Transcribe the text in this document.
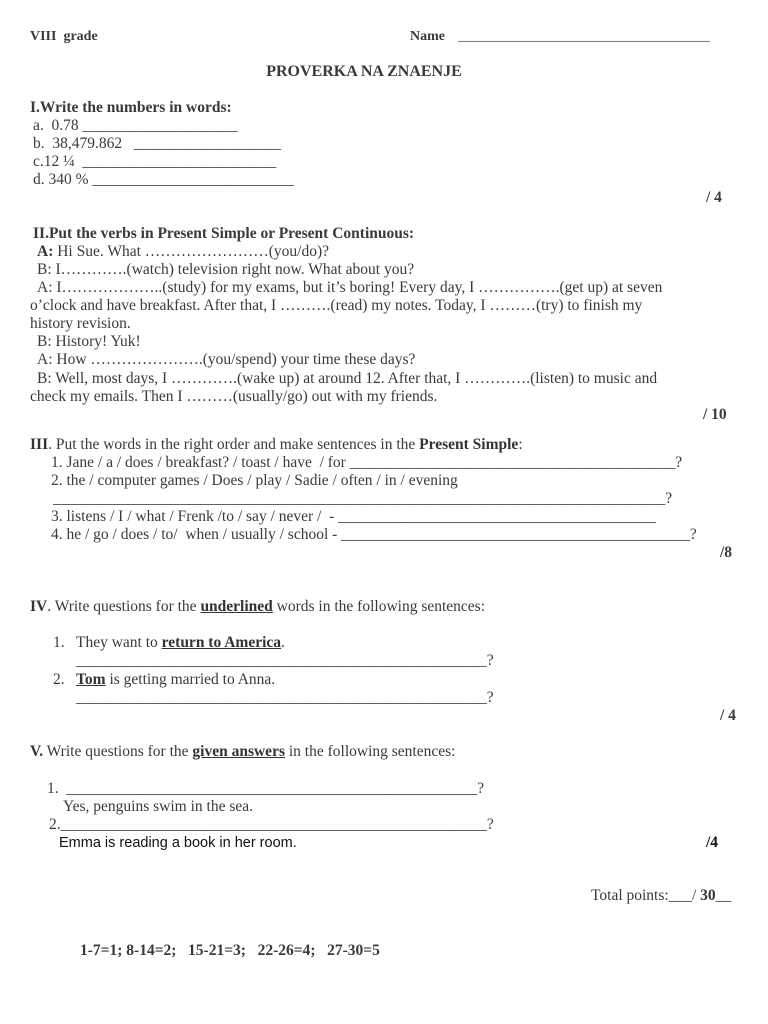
VIII  grade	Name ____________________________________
PROVERKA NA ZNAENJE
I.Write the numbers in words:
a.  0.78 ____________________
b.  38,479.862   ___________________
c.12 ¼  _________________________
d. 340 % __________________________
/ 4
II.Put the verbs in Present Simple or Present Continuous:
A: Hi Sue. What ……………………(you/do)?
B: I………….(watch) television right now. What about you?
A: I………………..(study) for my exams, but it’s boring! Every day, I …………….(get up) at seven
o’clock and have breakfast. After that, I ……….(read) my notes. Today, I ………(try) to finish my
history revision.
B: History! Yuk!
A: How ………………….(you/spend) your time these days?
B: Well, most days, I ………….(wake up) at around 12. After that, I ………….(listen) to music and
check my emails. Then I ………(usually/go) out with my friends.
/ 10
III. Put the words in the right order and make sentences in the Present Simple:
1. Jane / a / does / breakfast? / toast / have  / for __________________________________________?
2. the / computer games / Does / play / Sadie / often / in / evening
_______________________________________________________________________________?
3. listens / I / what / Frenk /to / say / never /  - _________________________________________
4. he / go / does / to/  when / usually / school - _____________________________________________?
/8
IV. Write questions for the underlined words in the following sentences:
1. They want to return to America.
_____________________________________________________?
2. Tom is getting married to Anna.
_____________________________________________________?
/ 4
V. Write questions for the given answers in the following sentences:
1.  _____________________________________________________?
Yes, penguins swim in the sea.
2._______________________________________________________?
Emma is reading a book in her room.	/4
Total points:___/ 30__
1-7=1; 8-14=2;   15-21=3;   22-26=4;   27-30=5
